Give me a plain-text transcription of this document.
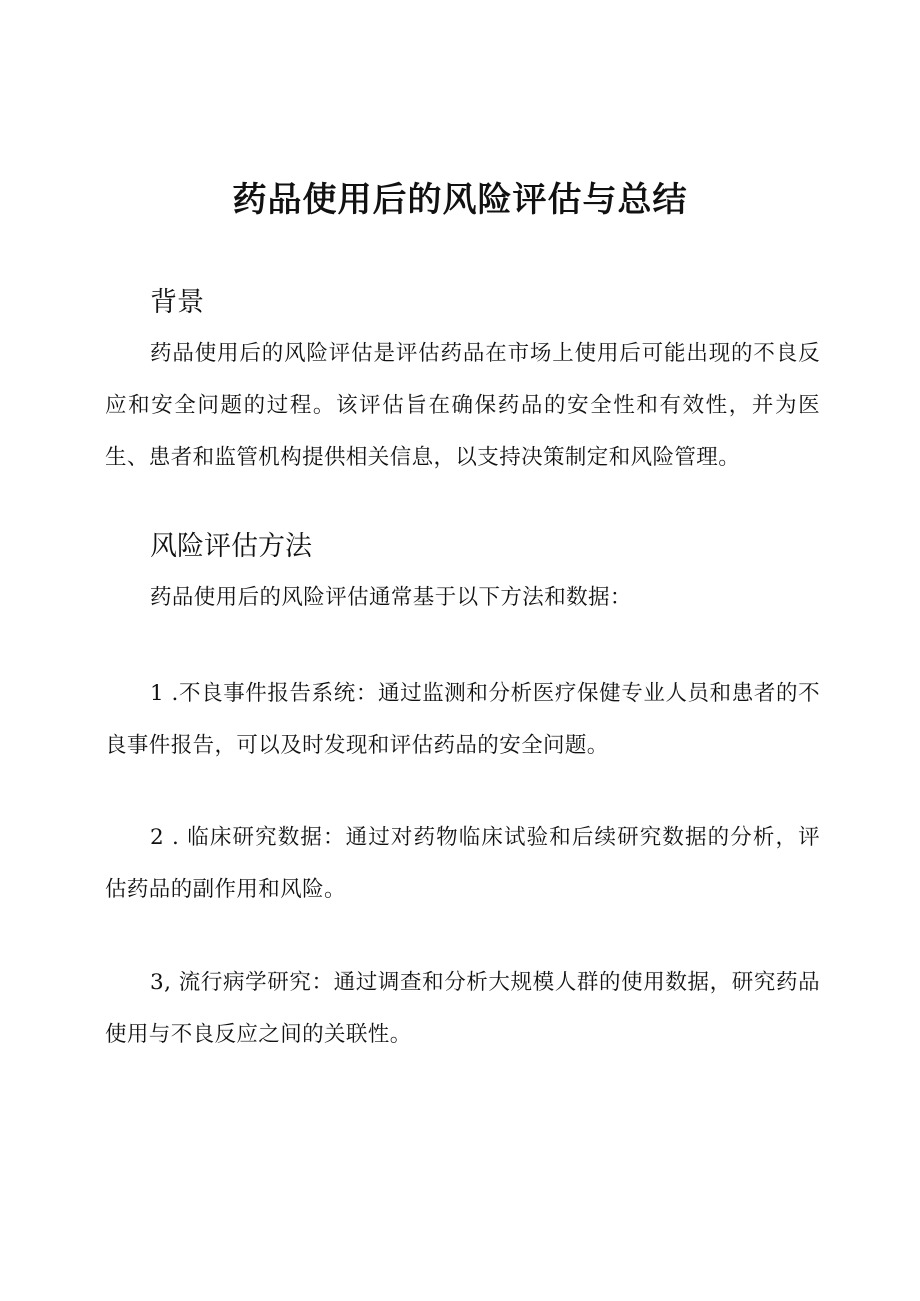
药品使用后的风险评估与总结
背景
药品使用后的风险评估是评估药品在市场上使用后可能出现的不良反应和安全问题的过程。该评估旨在确保药品的安全性和有效性，并为医生、患者和监管机构提供相关信息，以支持决策制定和风险管理。
风险评估方法
药品使用后的风险评估通常基于以下方法和数据：
1 .不良事件报告系统：通过监测和分析医疗保健专业人员和患者的不良事件报告，可以及时发现和评估药品的安全问题。
2 . 临床研究数据：通过对药物临床试验和后续研究数据的分析，评估药品的副作用和风险。
3, 流行病学研究：通过调查和分析大规模人群的使用数据，研究药品使用与不良反应之间的关联性。
